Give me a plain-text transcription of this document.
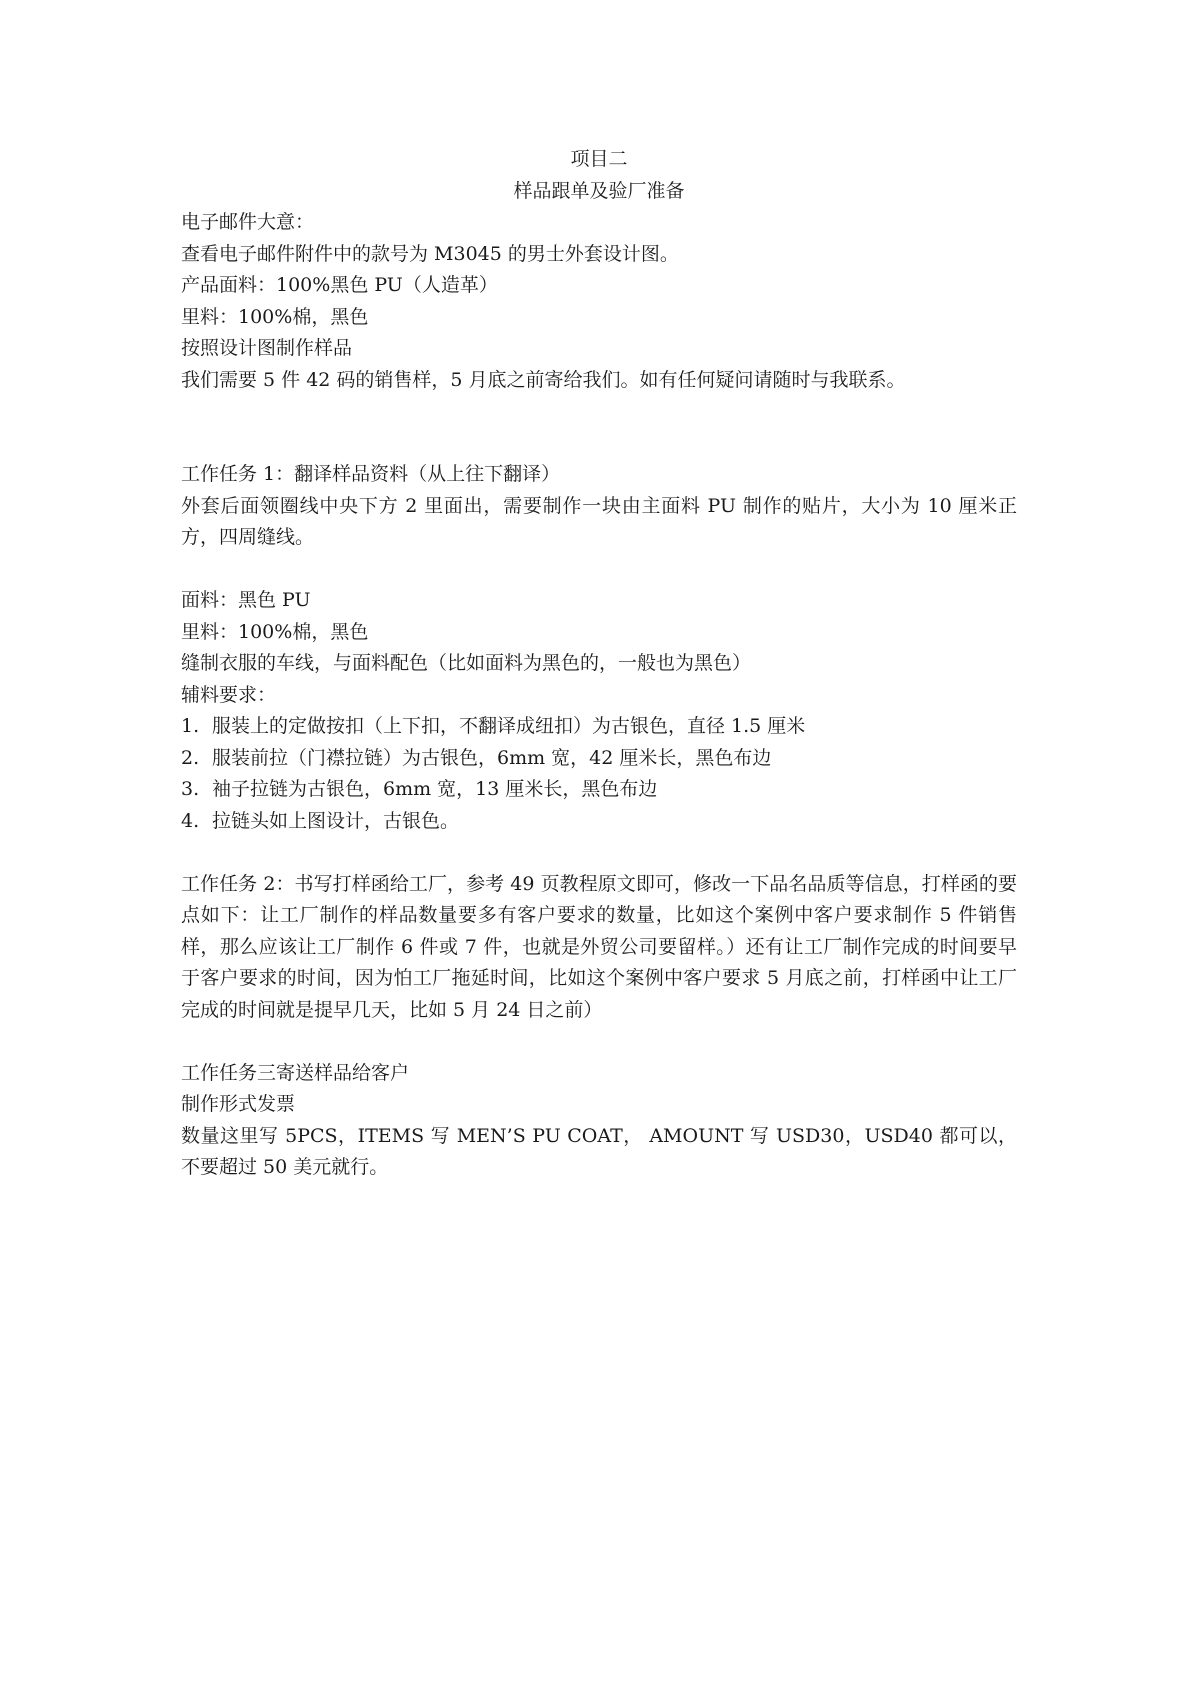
项目二
样品跟单及验厂准备
电子邮件大意：
查看电子邮件附件中的款号为 M3045 的男士外套设计图。
产品面料：100%黑色 PU（人造革）
里料：100%棉，黑色
按照设计图制作样品
我们需要 5 件 42 码的销售样，5 月底之前寄给我们。如有任何疑问请随时与我联系。
工作任务 1：翻译样品资料（从上往下翻译）
外套后面领圈线中央下方 2 里面出，需要制作一块由主面料 PU 制作的贴片，大小为 10 厘米正方，四周缝线。
面料：黑色 PU
里料：100%棉，黑色
缝制衣服的车线，与面料配色（比如面料为黑色的，一般也为黑色）
辅料要求：
1. 服装上的定做按扣（上下扣，不翻译成纽扣）为古银色，直径 1.5 厘米
2. 服装前拉（门襟拉链）为古银色，6mm 宽，42 厘米长，黑色布边
3. 袖子拉链为古银色，6mm 宽，13 厘米长，黑色布边
4. 拉链头如上图设计，古银色。
工作任务 2：书写打样函给工厂，参考 49 页教程原文即可，修改一下品名品质等信息，打样函的要点如下：让工厂制作的样品数量要多有客户要求的数量，比如这个案例中客户要求制作 5 件销售样，那么应该让工厂制作 6 件或 7 件，也就是外贸公司要留样。）还有让工厂制作完成的时间要早于客户要求的时间，因为怕工厂拖延时间，比如这个案例中客户要求 5 月底之前，打样函中让工厂完成的时间就是提早几天，比如 5 月 24 日之前）
工作任务三寄送样品给客户
制作形式发票
数量这里写 5PCS，ITEMS 写 MEN’S PU COAT， AMOUNT 写 USD30，USD40 都可以，不要超过 50 美元就行。
